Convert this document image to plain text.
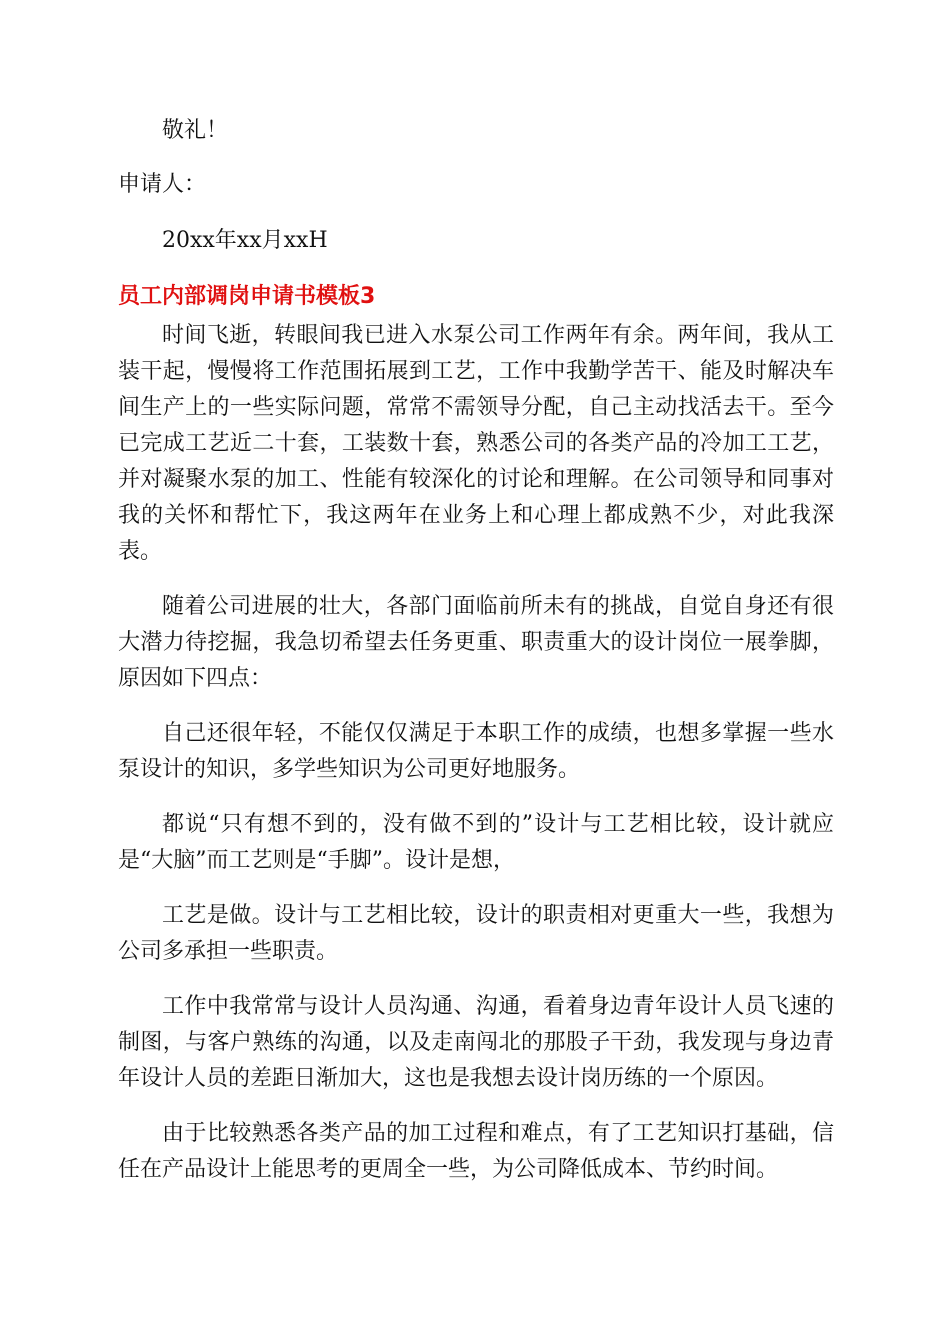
敬礼！
申请人：
20xx年xx月xxH
员工内部调岗申请书模板3

时间飞逝，转眼间我已进入水泵公司工作两年有余。两年间，我从工装干起，慢慢将工作范围拓展到工艺，工作中我勤学苦干、能及时解决车间生产上的一些实际问题，常常不需领导分配，自己主动找活去干。至今已完成工艺近二十套，工装数十套，熟悉公司的各类产品的冷加工工艺，并对凝聚水泵的加工、性能有较深化的讨论和理解。在公司领导和同事对我的关怀和帮忙下，我这两年在业务上和心理上都成熟不少，对此我深表。

随着公司进展的壮大，各部门面临前所未有的挑战，自觉自身还有很大潜力待挖掘，我急切希望去任务更重、职责重大的设计岗位一展拳脚，原因如下四点：

自己还很年轻，不能仅仅满足于本职工作的成绩，也想多掌握一些水泵设计的知识，多学些知识为公司更好地服务。

都说“只有想不到的，没有做不到的”设计与工艺相比较，设计就应是“大脑”而工艺则是“手脚”。设计是想，

工艺是做。设计与工艺相比较，设计的职责相对更重大一些，我想为公司多承担一些职责。

工作中我常常与设计人员沟通、沟通，看着身边青年设计人员飞速的制图，与客户熟练的沟通，以及走南闯北的那股子干劲，我发现与身边青年设计人员的差距日渐加大，这也是我想去设计岗历练的一个原因。

由于比较熟悉各类产品的加工过程和难点，有了工艺知识打基础，信任在产品设计上能思考的更周全一些，为公司降低成本、节约时间。
